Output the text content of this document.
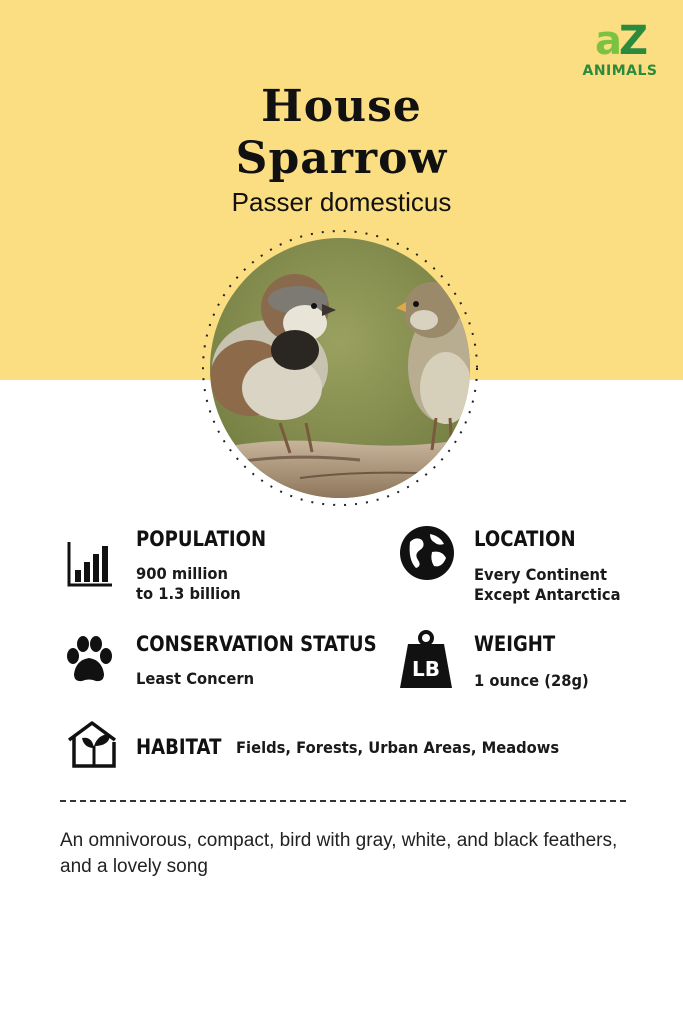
aZ
ANIMALS
House
Sparrow
Passer domesticus
POPULATION
900 million
to 1.3 billion
LOCATION
Every Continent
Except Antarctica
CONSERVATION STATUS
Least Concern	LB
WEIGHT
1 ounce (28g)
HABITAT Fields, Forests, Urban Areas, Meadows
An omnivorous, compact, bird with gray, white, and black feathers, and a lovely song
